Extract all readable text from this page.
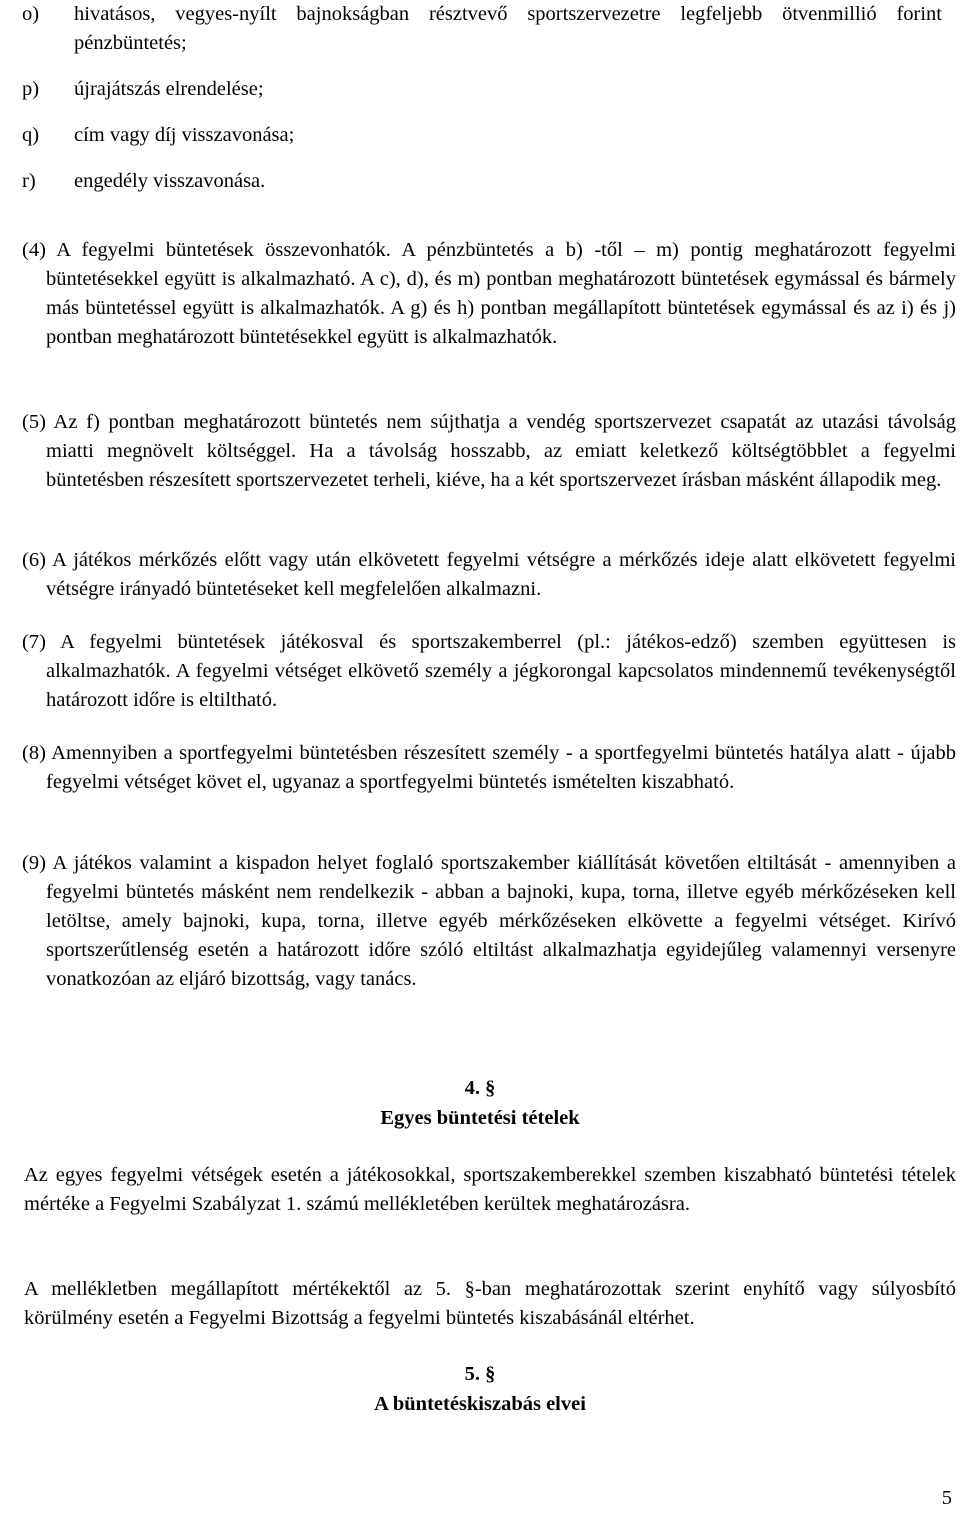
o)	hivatásos, vegyes-nyílt bajnokságban résztvevő sportszervezetre legfeljebb ötvenmillió forint pénzbüntetés;
p)	újrajátszás elrendelése;
q)	cím vagy díj visszavonása;
r)	engedély visszavonása.

(4) A fegyelmi büntetések összevonhatók. A pénzbüntetés a b) -től – m) pontig meghatározott fegyelmi büntetésekkel együtt is alkalmazható. A c), d), és m) pontban meghatározott büntetések egymással és bármely más büntetéssel együtt is alkalmazhatók. A g) és h) pontban megállapított büntetések egymással és az i) és j) pontban meghatározott büntetésekkel együtt is alkalmazhatók.

(5) Az f) pontban meghatározott büntetés nem sújthatja a vendég sportszervezet csapatát az utazási távolság miatti megnövelt költséggel. Ha a távolság hosszabb, az emiatt keletkező költségtöbblet a fegyelmi büntetésben részesített sportszervezetet terheli, kiéve, ha a két sportszervezet írásban másként állapodik meg.

(6) A játékos mérkőzés előtt vagy után elkövetett fegyelmi vétségre a mérkőzés ideje alatt elkövetett fegyelmi vétségre irányadó büntetéseket kell megfelelően alkalmazni.

(7) A fegyelmi büntetések játékosval és sportszakemberrel (pl.: játékos-edző) szemben együttesen is alkalmazhatók. A fegyelmi vétséget elkövető személy a jégkorongal kapcsolatos mindennemű tevékenységtől határozott időre is eltiltható.

(8) Amennyiben a sportfegyelmi büntetésben részesített személy - a sportfegyelmi büntetés hatálya alatt - újabb fegyelmi vétséget követ el, ugyanaz a sportfegyelmi büntetés ismételten kiszabható.

(9) A játékos valamint a kispadon helyet foglaló sportszakember kiállítását követően eltiltását - amennyiben a fegyelmi büntetés másként nem rendelkezik - abban a bajnoki, kupa, torna, illetve egyéb mérkőzéseken kell letöltse, amely bajnoki, kupa, torna, illetve egyéb mérkőzéseken elkövette a fegyelmi vétséget. Kirívó sportszerűtlenség esetén a határozott időre szóló eltiltást alkalmazhatja egyidejűleg valamennyi versenyre vonatkozóan az eljáró bizottság, vagy tanács.

4. §
Egyes büntetési tételek

Az egyes fegyelmi vétségek esetén a játékosokkal, sportszakemberekkel szemben kiszabható büntetési tételek mértéke a Fegyelmi Szabályzat 1. számú mellékletében kerültek meghatározásra.

A mellékletben megállapított mértékektől az 5. §-ban meghatározottak szerint enyhítő vagy súlyosbító körülmény esetén a Fegyelmi Bizottság a fegyelmi büntetés kiszabásánál eltérhet.

5. §
A büntetéskiszabás elvei
5
